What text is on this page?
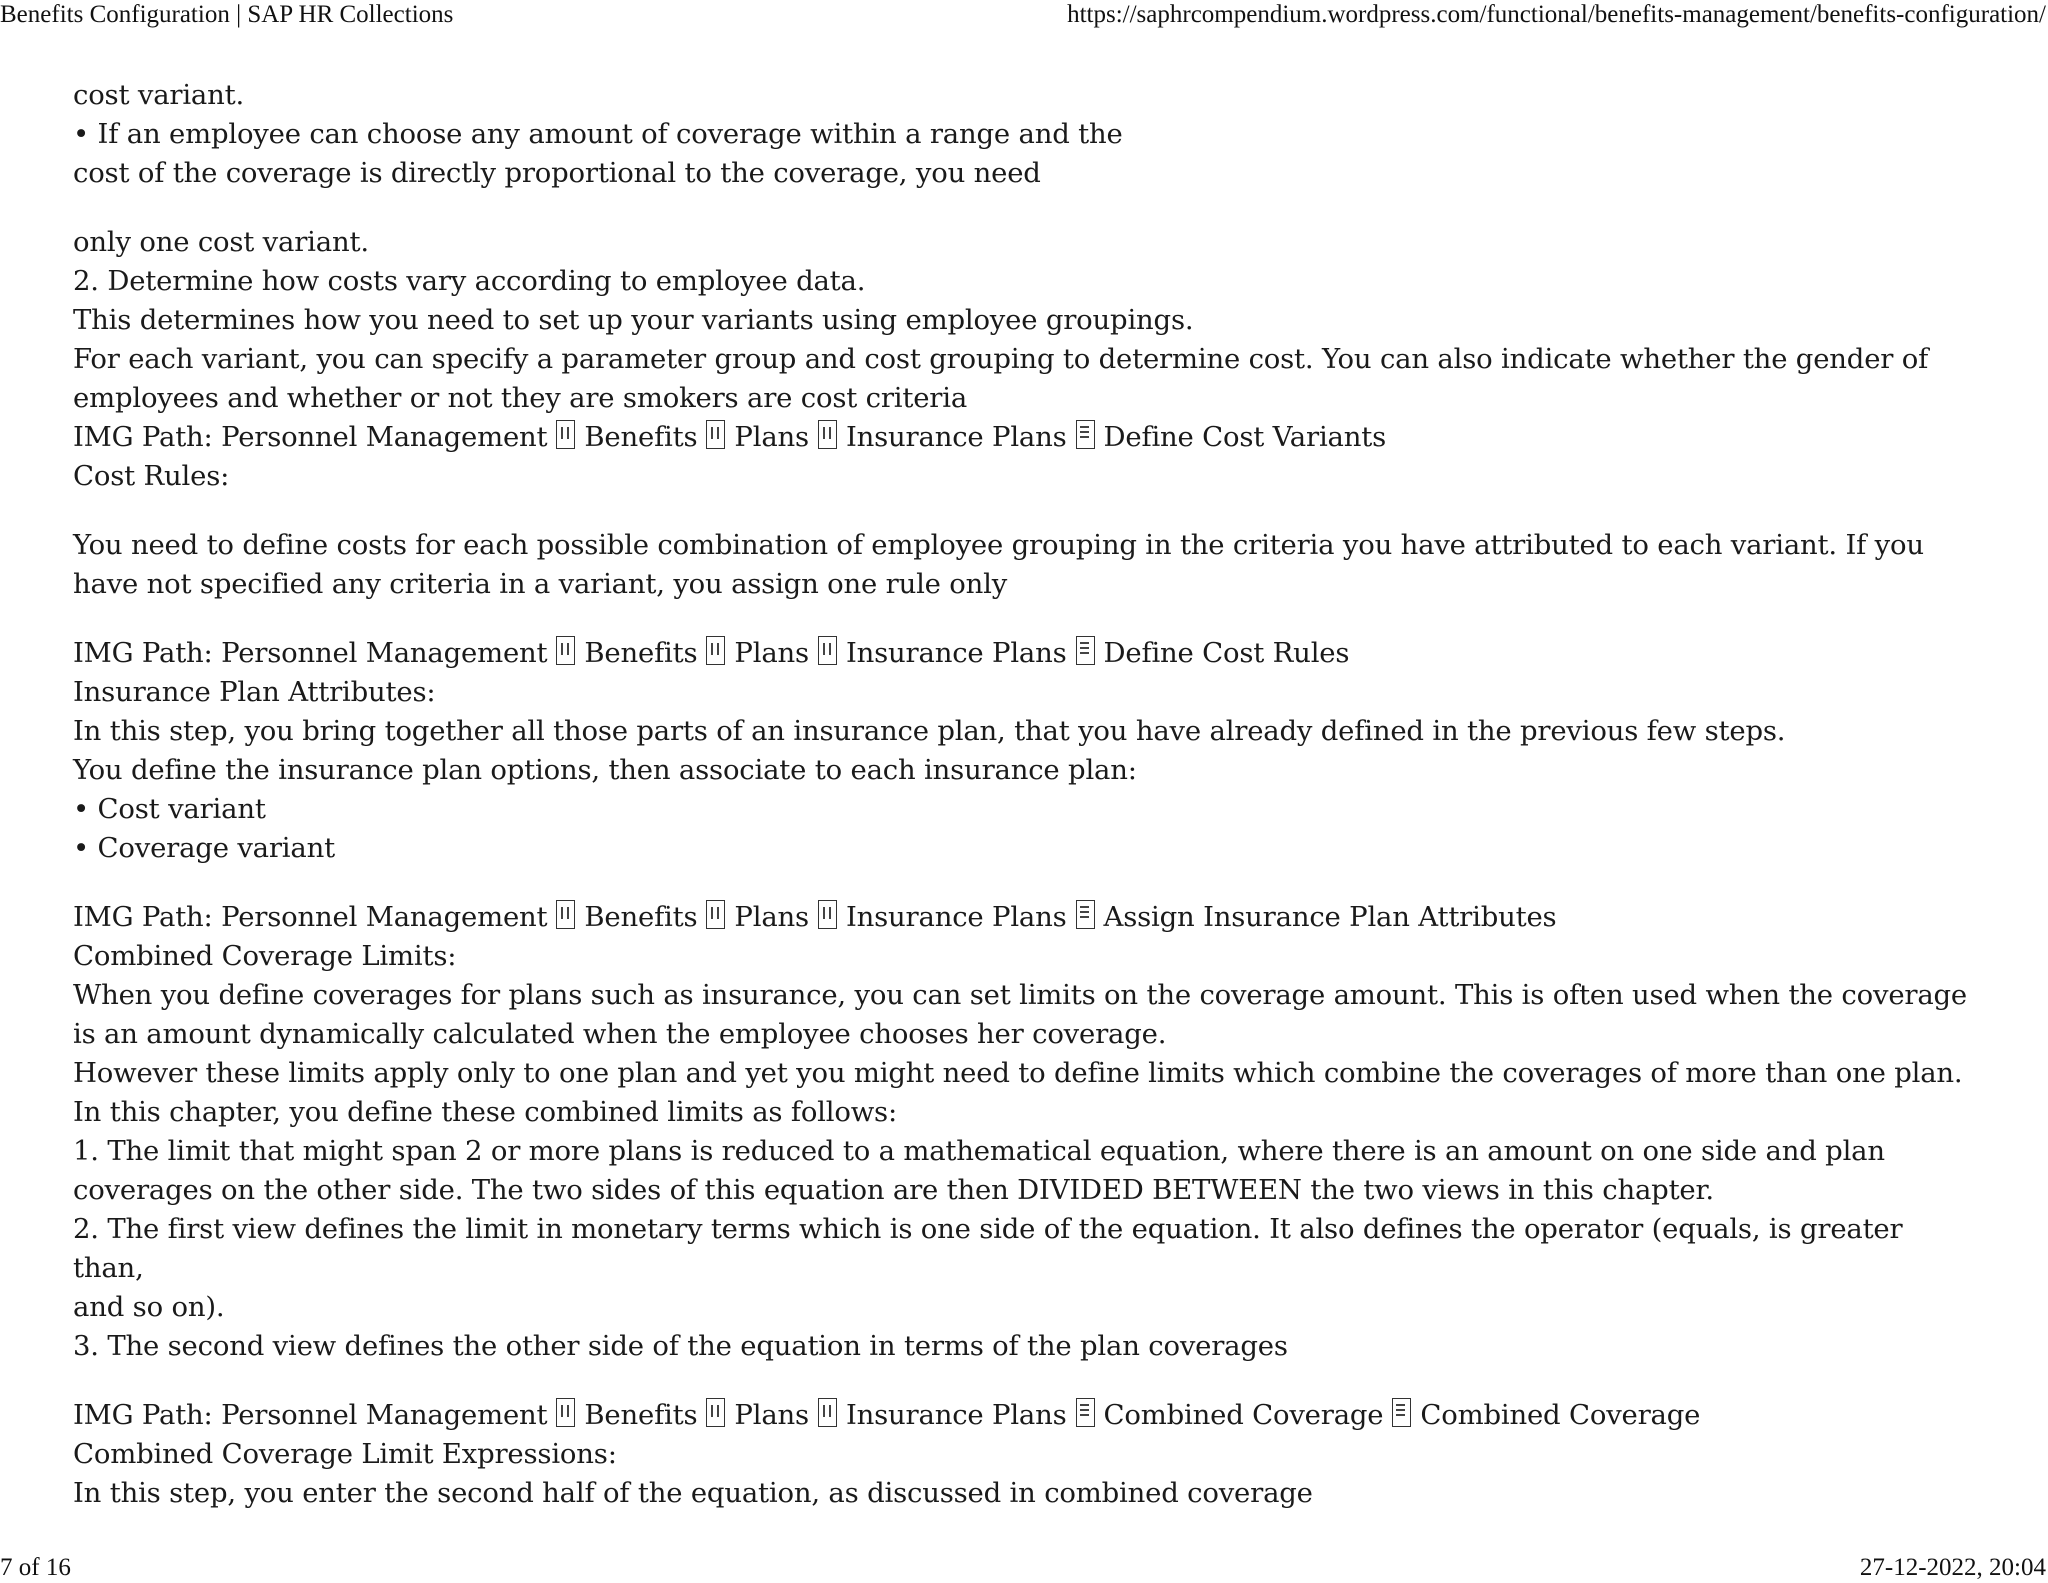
Benefits Configuration | SAP HR Collections	https://saphrcompendium.wordpress.com/functional/benefits-management/benefits-configuration/
cost variant.
• If an employee can choose any amount of coverage within a range and the
cost of the coverage is directly proportional to the coverage, you need
only one cost variant.
2. Determine how costs vary according to employee data.
This determines how you need to set up your variants using employee groupings.
For each variant, you can specify a parameter group and cost grouping to determine cost. You can also indicate whether the gender of
employees and whether or not they are smokers are cost criteria
IMG Path: Personnel Management Benefits Plans Insurance Plans Define Cost Variants
Cost Rules:
You need to define costs for each possible combination of employee grouping in the criteria you have attributed to each variant. If you
have not specified any criteria in a variant, you assign one rule only
IMG Path: Personnel Management Benefits Plans Insurance Plans Define Cost Rules
Insurance Plan Attributes:
In this step, you bring together all those parts of an insurance plan, that you have already defined in the previous few steps.
You define the insurance plan options, then associate to each insurance plan:
• Cost variant
• Coverage variant
IMG Path: Personnel Management Benefits Plans Insurance Plans Assign Insurance Plan Attributes
Combined Coverage Limits:
When you define coverages for plans such as insurance, you can set limits on the coverage amount. This is often used when the coverage
is an amount dynamically calculated when the employee chooses her coverage.
However these limits apply only to one plan and yet you might need to define limits which combine the coverages of more than one plan.
In this chapter, you define these combined limits as follows:
1. The limit that might span 2 or more plans is reduced to a mathematical equation, where there is an amount on one side and plan
coverages on the other side. The two sides of this equation are then DIVIDED BETWEEN the two views in this chapter.
2. The first view defines the limit in monetary terms which is one side of the equation. It also defines the operator (equals, is greater than,
and so on).
3. The second view defines the other side of the equation in terms of the plan coverages
IMG Path: Personnel Management Benefits Plans Insurance Plans Combined Coverage Combined Coverage
Combined Coverage Limit Expressions:
In this step, you enter the second half of the equation, as discussed in combined coverage
7 of 16	27-12-2022, 20:04
